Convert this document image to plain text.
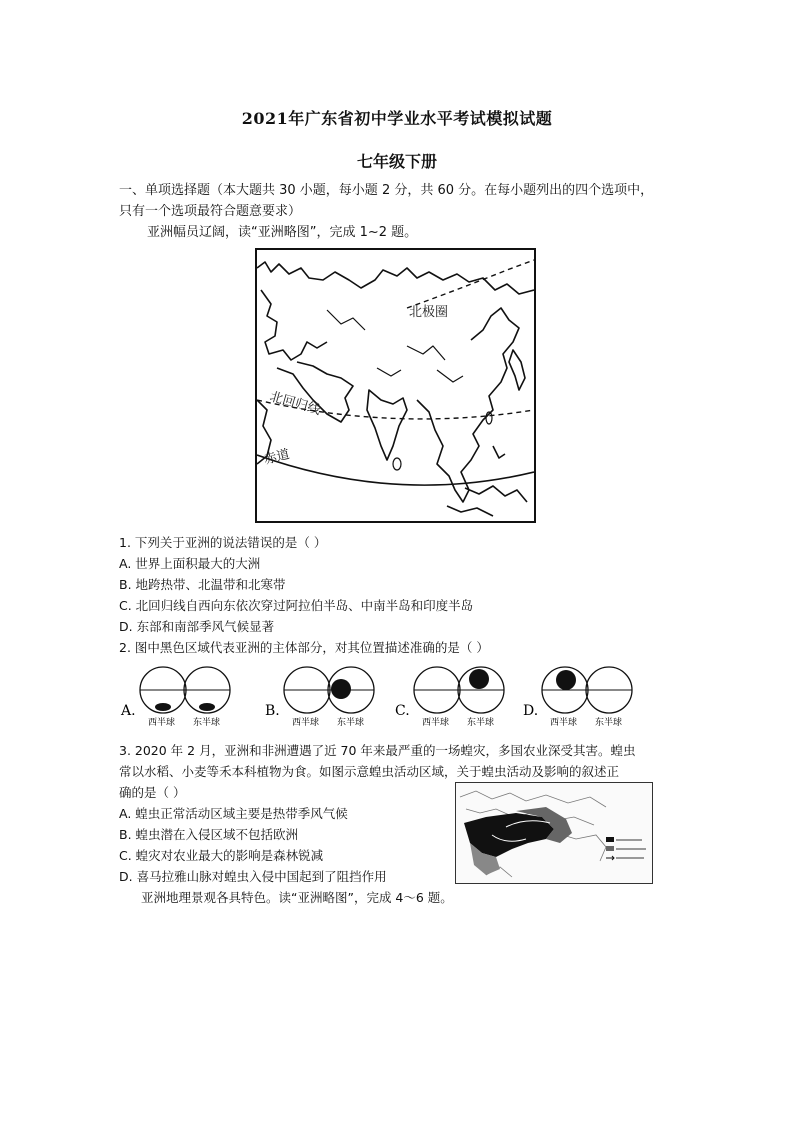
2021年广东省初中学业水平考试模拟试题
七年级下册
一、单项选择题（本大题共 30 小题，每小题 2 分，共 60 分。在每小题列出的四个选项中，
只有一个选项最符合题意要求）
亚洲幅员辽阔，读“亚洲略图”，完成 1~2 题。
北极圈
北回归线
赤道
1. 下列关于亚洲的说法错误的是（ ）
A. 世界上面积最大的大洲
B. 地跨热带、北温带和北寒带
C. 北回归线自西向东依次穿过阿拉伯半岛、中南半岛和印度半岛
D. 东部和南部季风气候显著
2. 图中黑色区域代表亚洲的主体部分，对其位置描述准确的是（ ）
A.
西半球 东半球
B.
西半球 东半球
C.
西半球 东半球
D.
西半球 东半球
3. 2020 年 2 月，亚洲和非洲遭遇了近 70 年来最严重的一场蝗灾，多国农业深受其害。蝗虫
常以水稻、小麦等禾本科植物为食。如图示意蝗虫活动区域，关于蝗虫活动及影响的叙述正
确的是（ ）
A. 蝗虫正常活动区域主要是热带季风气候
B. 蝗虫潜在入侵区域不包括欧洲
C. 蝗灾对农业最大的影响是森林锐减
D. 喜马拉雅山脉对蝗虫入侵中国起到了阻挡作用
亚洲地理景观各具特色。读“亚洲略图”，完成 4～6 题。
